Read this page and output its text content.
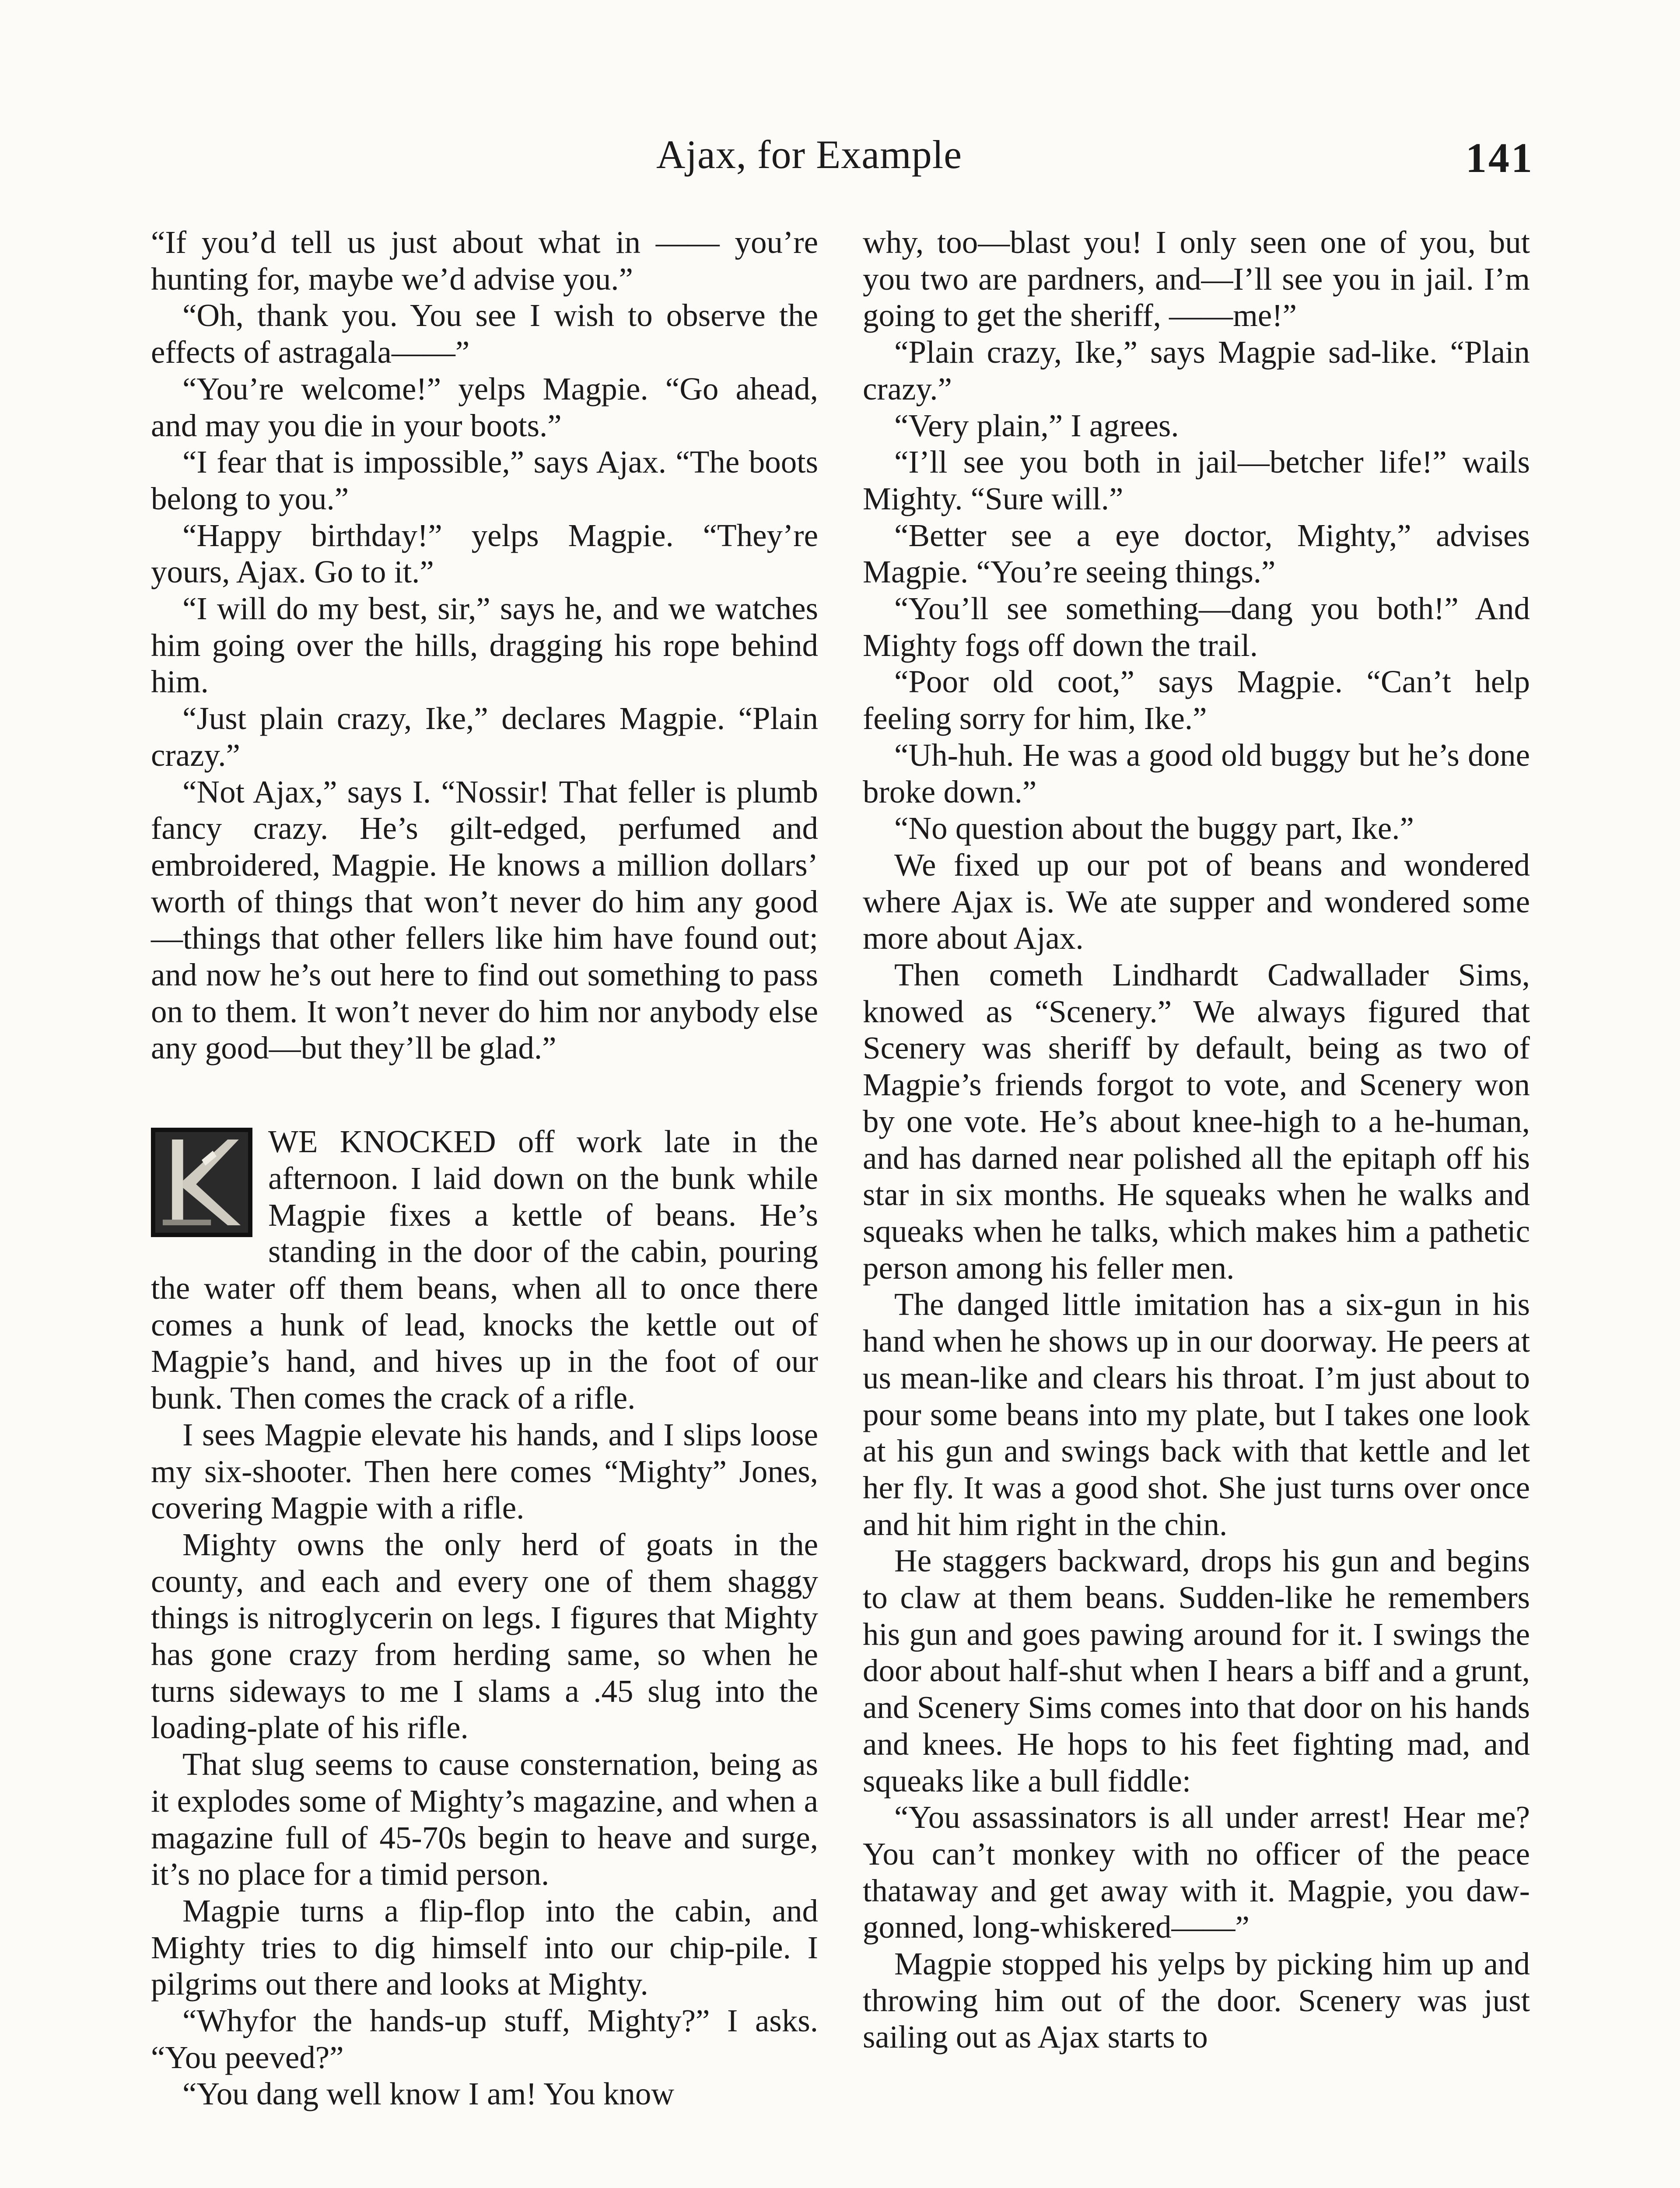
Ajax, for Example	141

“If you’d tell us just about what in —— you’re hunting for, maybe we’d advise you.”

“Oh, thank you. You see I wish to observe the effects of astragala——”

“You’re welcome!” yelps Magpie. “Go ahead, and may you die in your boots.”

“I fear that is impossible,” says Ajax. “The boots belong to you.”

“Happy birthday!” yelps Magpie. “They’re yours, Ajax. Go to it.”

“I will do my best, sir,” says he, and we watches him going over the hills, dragging his rope behind him.

“Just plain crazy, Ike,” declares Magpie. “Plain crazy.”

“Not Ajax,” says I. “Nossir! That feller is plumb fancy crazy. He’s gilt-edged, perfumed and embroidered, Magpie. He knows a million dollars’ worth of things that won’t never do him any good—things that other fellers like him have found out; and now he’s out here to find out something to pass on to them. It won’t never do him nor anybody else any good—but they’ll be glad.”

WE KNOCKED off work late in the afternoon. I laid down on the bunk while Magpie fixes a kettle of beans. He’s standing in the door of the cabin, pouring the water off them beans, when all to once there comes a hunk of lead, knocks the kettle out of Magpie’s hand, and hives up in the foot of our bunk. Then comes the crack of a rifle.

I sees Magpie elevate his hands, and I slips loose my six-shooter. Then here comes “Mighty” Jones, covering Magpie with a rifle.

Mighty owns the only herd of goats in the county, and each and every one of them shaggy things is nitroglycerin on legs. I figures that Mighty has gone crazy from herding same, so when he turns sideways to me I slams a .45 slug into the loading-plate of his rifle.

That slug seems to cause consternation, being as it explodes some of Mighty’s magazine, and when a magazine full of 45-70s begin to heave and surge, it’s no place for a timid person.

Magpie turns a flip-flop into the cabin, and Mighty tries to dig himself into our chip-pile. I pilgrims out there and looks at Mighty.

“Whyfor the hands-up stuff, Mighty?” I asks. “You peeved?”

“You dang well know I am! You know

why, too—blast you! I only seen one of you, but you two are pardners, and—I’ll see you in jail. I’m going to get the sheriff, ——me!”

“Plain crazy, Ike,” says Magpie sad-like. “Plain crazy.”

“Very plain,” I agrees.

“I’ll see you both in jail—betcher life!” wails Mighty. “Sure will.”

“Better see a eye doctor, Mighty,” advises Magpie. “You’re seeing things.”

“You’ll see something—dang you both!” And Mighty fogs off down the trail.

“Poor old coot,” says Magpie. “Can’t help feeling sorry for him, Ike.”

“Uh-huh. He was a good old buggy but he’s done broke down.”

“No question about the buggy part, Ike.”

We fixed up our pot of beans and wondered where Ajax is. We ate supper and wondered some more about Ajax.

Then cometh Lindhardt Cadwallader Sims, knowed as “Scenery.” We always figured that Scenery was sheriff by default, being as two of Magpie’s friends forgot to vote, and Scenery won by one vote. He’s about knee-high to a he-human, and has darned near polished all the epitaph off his star in six months. He squeaks when he walks and squeaks when he talks, which makes him a pathetic person among his feller men.

The danged little imitation has a six-gun in his hand when he shows up in our doorway. He peers at us mean-like and clears his throat. I’m just about to pour some beans into my plate, but I takes one look at his gun and swings back with that kettle and let her fly. It was a good shot. She just turns over once and hit him right in the chin.

He staggers backward, drops his gun and begins to claw at them beans. Sudden-like he remembers his gun and goes pawing around for it. I swings the door about half-shut when I hears a biff and a grunt, and Scenery Sims comes into that door on his hands and knees. He hops to his feet fighting mad, and squeaks like a bull fiddle:

“You assassinators is all under arrest! Hear me? You can’t monkey with no officer of the peace thataway and get away with it. Magpie, you daw-gonned, long-whiskered——”

Magpie stopped his yelps by picking him up and throwing him out of the door. Scenery was just sailing out as Ajax starts to
